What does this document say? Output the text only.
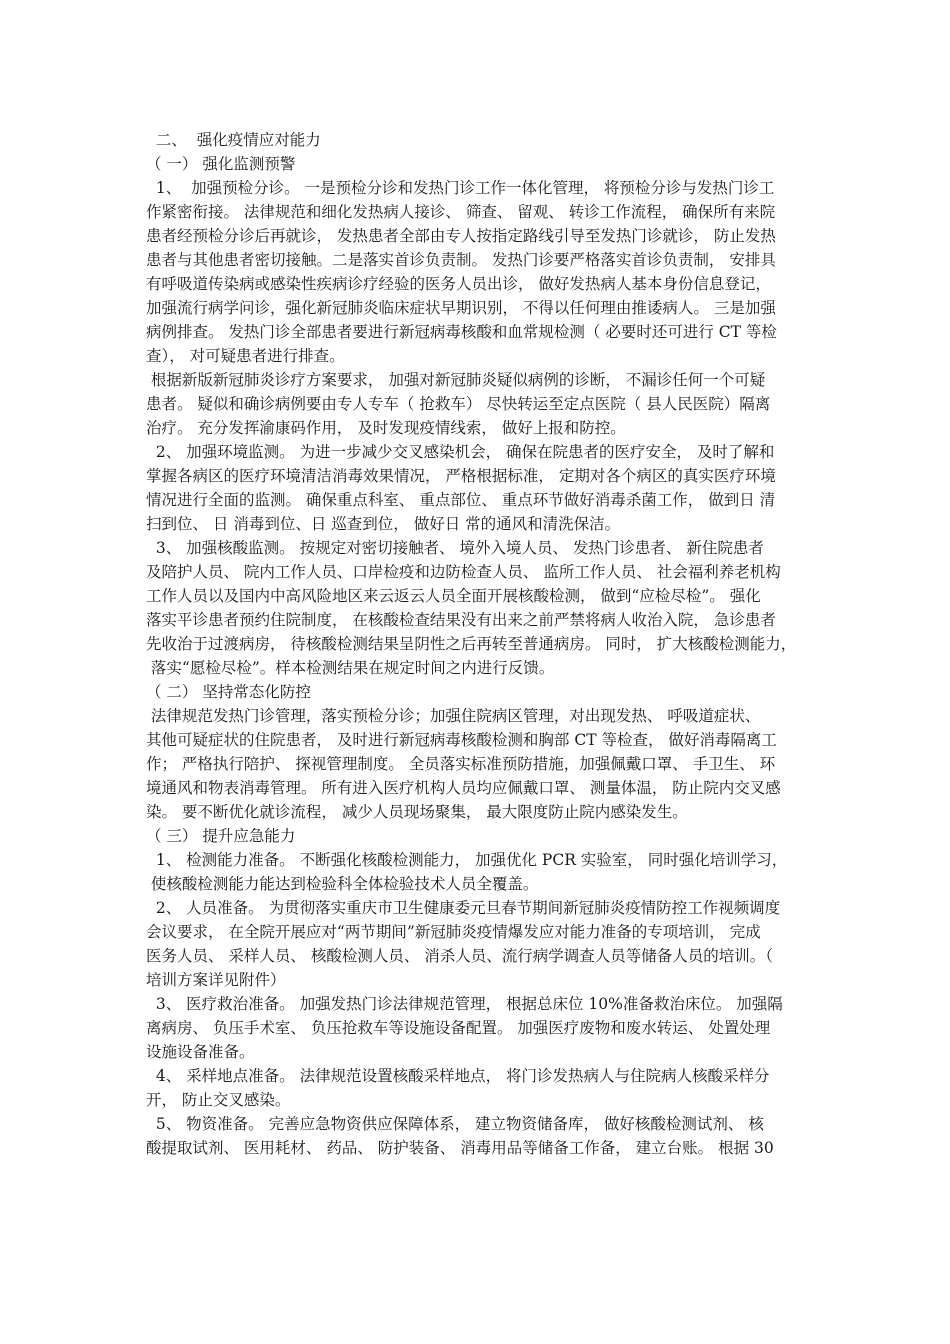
二、  强化疫情应对能力
（ 一） 强化监测预警
1、  加强预检分诊。 一是预检分诊和发热门诊工作一体化管理， 将预检分诊与发热门诊工
作紧密衔接。 法律规范和细化发热病人接诊、 筛查、 留观、 转诊工作流程， 确保所有来院
患者经预检分诊后再就诊， 发热患者全部由专人按指定路线引导至发热门诊就诊， 防止发热
患者与其他患者密切接触。二是落实首诊负责制。 发热门诊要严格落实首诊负责制， 安排具
有呼吸道传染病或感染性疾病诊疗经验的医务人员出诊， 做好发热病人基本身份信息登记，
加强流行病学问诊，强化新冠肺炎临床症状早期识别， 不得以任何理由推诿病人。 三是加强
病例排查。 发热门诊全部患者要进行新冠病毒核酸和血常规检测（ 必要时还可进行 CT 等检
查）， 对可疑患者进行排查。
根据新版新冠肺炎诊疗方案要求， 加强对新冠肺炎疑似病例的诊断， 不漏诊任何一个可疑
患者。 疑似和确诊病例要由专人专车（ 抢救车） 尽快转运至定点医院（ 县人民医院）隔离
治疗。 充分发挥渝康码作用， 及时发现疫情线索， 做好上报和防控。
2、 加强环境监测。 为进一步减少交叉感染机会， 确保在院患者的医疗安全， 及时了解和
掌握各病区的医疗环境清洁消毒效果情况， 严格根据标准， 定期对各个病区的真实医疗环境
情况进行全面的监测。 确保重点科室、 重点部位、 重点环节做好消毒杀菌工作， 做到日 清
扫到位、 日 消毒到位、日 巡查到位， 做好日 常的通风和清洗保洁。
3、 加强核酸监测。 按规定对密切接触者、 境外入境人员、 发热门诊患者、 新住院患者
及陪护人员、 院内工作人员、口岸检疫和边防检查人员、 监所工作人员、 社会福利养老机构
工作人员以及国内中高风险地区来云返云人员全面开展核酸检测， 做到“应检尽检”。 强化
落实平诊患者预约住院制度， 在核酸检查结果没有出来之前严禁将病人收治入院， 急诊患者
先收治于过渡病房， 待核酸检测结果呈阴性之后再转至普通病房。 同时， 扩大核酸检测能力，
落实“愿检尽检”。样本检测结果在规定时间之内进行反馈。
（ 二） 坚持常态化防控
法律规范发热门诊管理，落实预检分诊；加强住院病区管理，对出现发热、 呼吸道症状、
其他可疑症状的住院患者， 及时进行新冠病毒核酸检测和胸部 CT 等检查， 做好消毒隔离工
作； 严格执行陪护、 探视管理制度。 全员落实标准预防措施，加强佩戴口罩、 手卫生、 环
境通风和物表消毒管理。 所有进入医疗机构人员均应佩戴口罩、 测量体温， 防止院内交叉感
染。 要不断优化就诊流程， 减少人员现场聚集， 最大限度防止院内感染发生。
（ 三） 提升应急能力
1、 检测能力准备。 不断强化核酸检测能力， 加强优化 PCR 实验室， 同时强化培训学习，
使核酸检测能力能达到检验科全体检验技术人员全覆盖。
2、 人员准备。 为贯彻落实重庆市卫生健康委元旦春节期间新冠肺炎疫情防控工作视频调度
会议要求， 在全院开展应对“两节期间”新冠肺炎疫情爆发应对能力准备的专项培训， 完成
医务人员、 采样人员、 核酸检测人员、 消杀人员、流行病学调查人员等储备人员的培训。（
培训方案详见附件）
3、 医疗救治准备。 加强发热门诊法律规范管理， 根据总床位 10%准备救治床位。 加强隔
离病房、 负压手术室、 负压抢救车等设施设备配置。 加强医疗废物和废水转运、 处置处理
设施设备准备。
4、 采样地点准备。 法律规范设置核酸采样地点， 将门诊发热病人与住院病人核酸采样分
开， 防止交叉感染。
5、 物资准备。 完善应急物资供应保障体系， 建立物资储备库， 做好核酸检测试剂、 核
酸提取试剂、 医用耗材、 药品、 防护装备、 消毒用品等储备工作备， 建立台账。 根据 30
